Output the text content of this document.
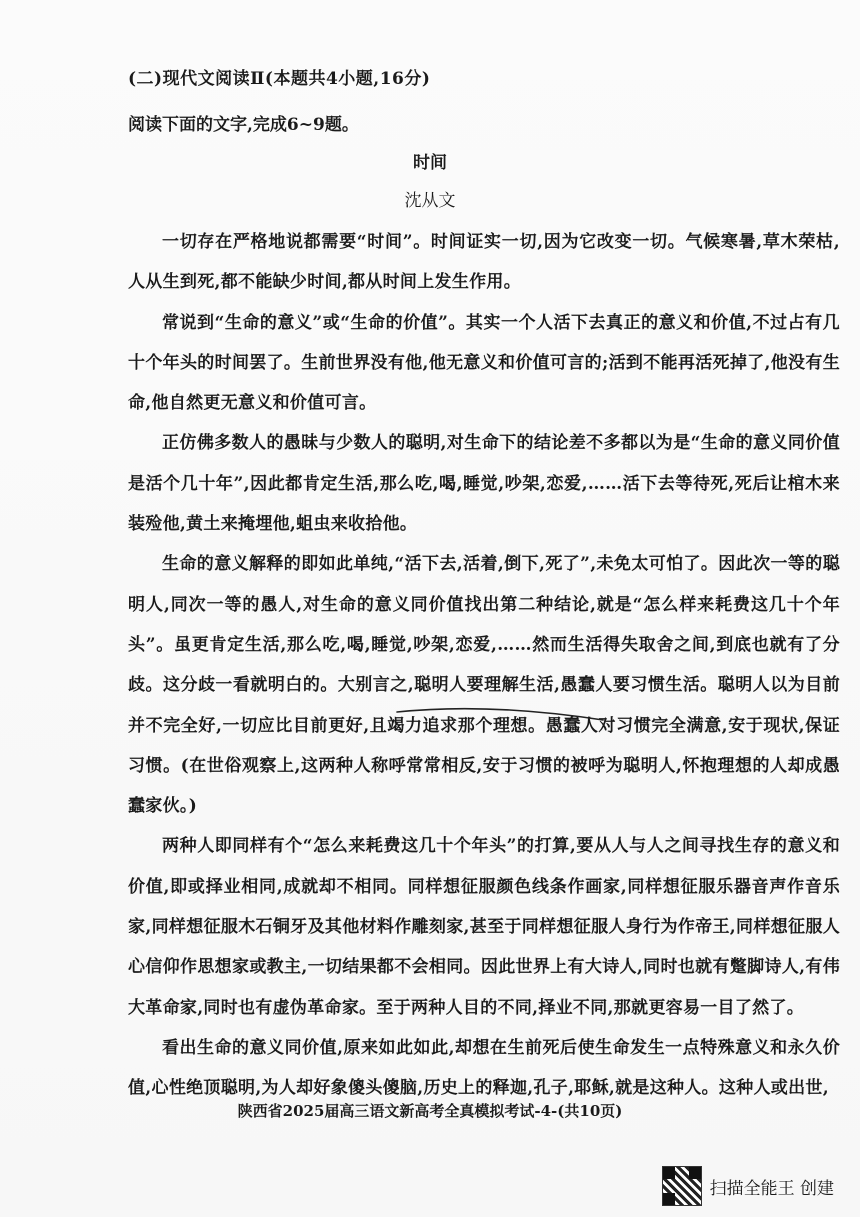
(二)现代文阅读Ⅱ(本题共4小题,16分)
阅读下面的文字,完成6~9题。
时间
沈从文

一切存在严格地说都需要“时间”。时间证实一切,因为它改变一切。气候寒暑,草木荣枯,人从生到死,都不能缺少时间,都从时间上发生作用。

常说到“生命的意义”或“生命的价值”。其实一个人活下去真正的意义和价值,不过占有几十个年头的时间罢了。生前世界没有他,他无意义和价值可言的;活到不能再活死掉了,他没有生命,他自然更无意义和价值可言。

正仿佛多数人的愚昧与少数人的聪明,对生命下的结论差不多都以为是“生命的意义同价值是活个几十年”,因此都肯定生活,那么吃,喝,睡觉,吵架,恋爱,……活下去等待死,死后让棺木来装殓他,黄土来掩埋他,蛆虫来收拾他。

生命的意义解释的即如此单纯,“活下去,活着,倒下,死了”,未免太可怕了。因此次一等的聪明人,同次一等的愚人,对生命的意义同价值找出第二种结论,就是“怎么样来耗费这几十个年头”。虽更肯定生活,那么吃,喝,睡觉,吵架,恋爱,……然而生活得失取舍之间,到底也就有了分歧。这分歧一看就明白的。大别言之,聪明人要理解生活,愚蠢人要习惯生活。聪明人以为目前并不完全好,一切应比目前更好,且竭力追求那个理想。愚蠢人对习惯完全满意,安于现状,保证习惯。(在世俗观察上,这两种人称呼常常相反,安于习惯的被呼为聪明人,怀抱理想的人却成愚蠢家伙。)

两种人即同样有个“怎么来耗费这几十个年头”的打算,要从人与人之间寻找生存的意义和价值,即或择业相同,成就却不相同。同样想征服颜色线条作画家,同样想征服乐器音声作音乐家,同样想征服木石铜牙及其他材料作雕刻家,甚至于同样想征服人身行为作帝王,同样想征服人心信仰作思想家或教主,一切结果都不会相同。因此世界上有大诗人,同时也就有蹩脚诗人,有伟大革命家,同时也有虚伪革命家。至于两种人目的不同,择业不同,那就更容易一目了然了。

看出生命的意义同价值,原来如此如此,却想在生前死后使生命发生一点特殊意义和永久价值,心性绝顶聪明,为人却好象傻头傻脑,历史上的释迦,孔子,耶稣,就是这种人。这种人或出世,

陕西省2025届高三语文新高考全真模拟考试-4-(共10页)
扫描全能王 创建
